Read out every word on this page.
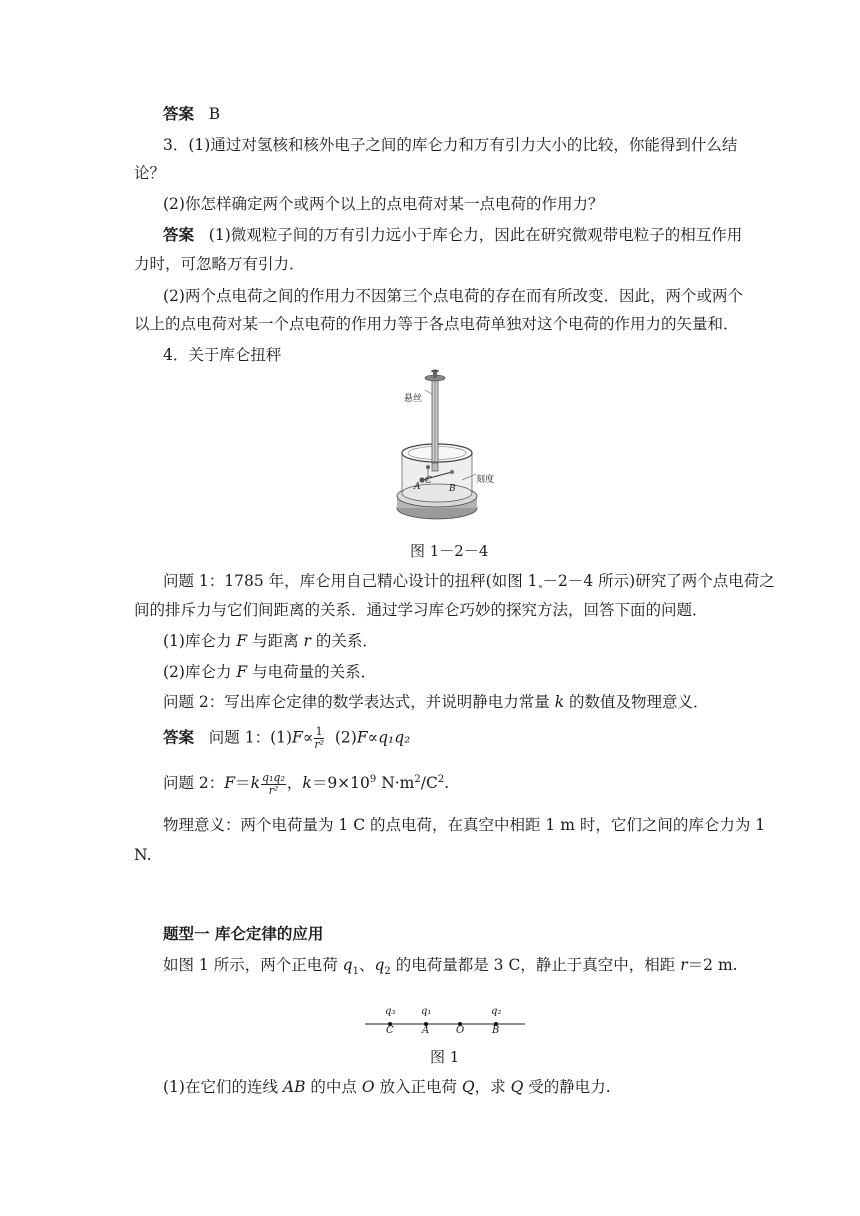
答案 B
3．(1)通过对氢核和核外电子之间的库仑力和万有引力大小的比较，你能得到什么结
论？
(2)你怎样确定两个或两个以上的点电荷对某一点电荷的作用力？
答案 (1)微观粒子间的万有引力远小于库仑力，因此在研究微观带电粒子的相互作用
力时，可忽略万有引力．
(2)两个点电荷之间的作用力不因第三个点电荷的存在而有所改变．因此，两个或两个
以上的点电荷对某一个点电荷的作用力等于各点电荷单独对这个电荷的作用力的矢量和．
4．关于库仑扭秤
悬丝
刻度
A	B
C
图 1－2－4
问题 1：1785 年，库仑用自己精心设计的扭秤(如图 1 －2－4 所示)研究了两个点电荷之
间的排斥力与它们间距离的关系．通过学习库仑巧妙的探究方法，回答下面的问题．
(1)库仑力 F 与距离 r 的关系．
(2)库仑力 F 与电荷量的关系．
问题 2：写出库仑定律的数学表达式，并说明静电力常量 k 的数值及物理意义．
答案 问题 1：$(1)F\propto \frac{1}{\text{r²}} (2)F\propto q_1q_2$
问题 2：$F=k \frac{\text{q₁q₂}}{\text{r²}}$ ，$k=9\times 10^9$ $N\cdot m^2/C^2$.
物理意义：两个电荷量为 1 C 的点电荷，在真空中相距 1 m 时，它们之间的库仑力为 1
N.
题型一 库仑定律的应用
如图 1 所示，两个正电荷 $q_1$、$q_2$ 的电荷量都是 3 C，静止于真空中，相距 r＝2 m.
q₃	q₁	q₂
C	A	O	B
图 1
(1)在它们的连线 AB 的中点 O 放入正电荷 Q，求 Q 受的静电力.
